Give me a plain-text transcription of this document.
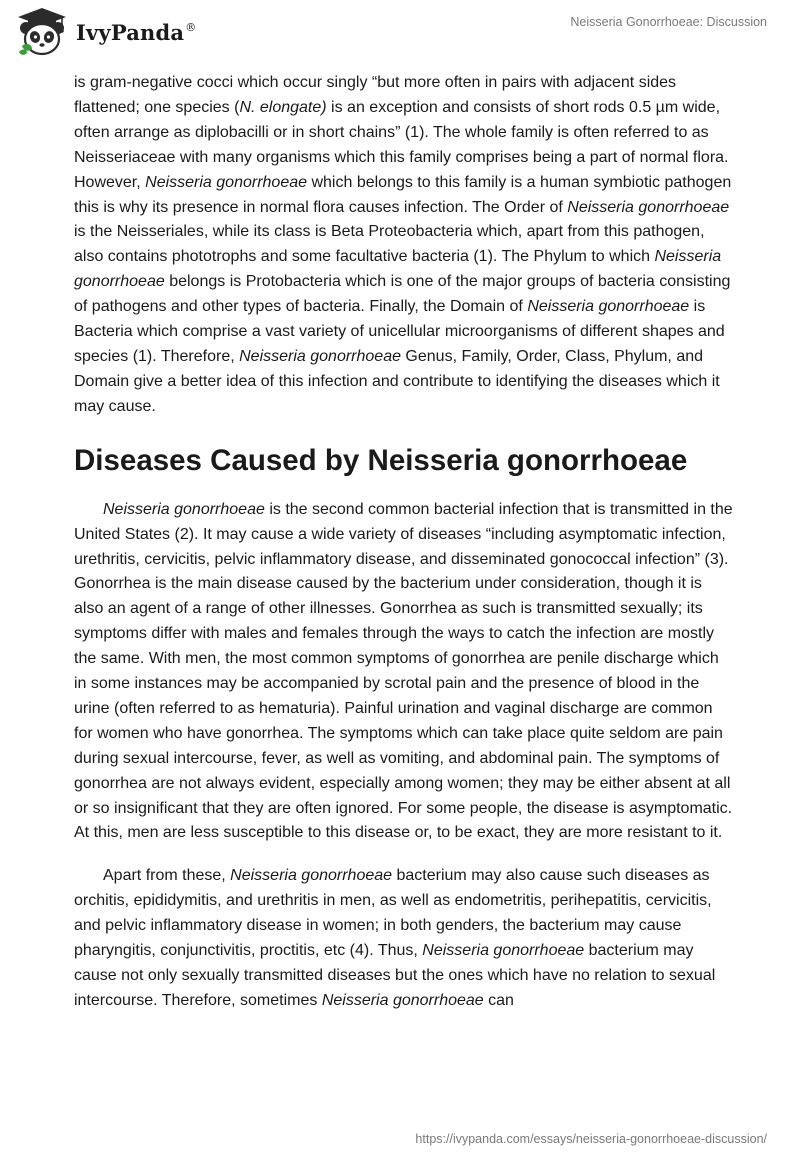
IvyPanda®	Neisseria Gonorrhoeae: Discussion

is gram-negative cocci which occur singly “but more often in pairs with adjacent sides flattened; one species (N. elongate) is an exception and consists of short rods 0.5 µm wide, often arrange as diplobacilli or in short chains” (1). The whole family is often referred to as Neisseriaceae with many organisms which this family comprises being a part of normal flora. However, Neisseria gonorrhoeae which belongs to this family is a human symbiotic pathogen this is why its presence in normal flora causes infection. The Order of Neisseria gonorrhoeae is the Neisseriales, while its class is Beta Proteobacteria which, apart from this pathogen, also contains phototrophs and some facultative bacteria (1). The Phylum to which Neisseria gonorrhoeae belongs is Protobacteria which is one of the major groups of bacteria consisting of pathogens and other types of bacteria. Finally, the Domain of Neisseria gonorrhoeae is Bacteria which comprise a vast variety of unicellular microorganisms of different shapes and species (1). Therefore, Neisseria gonorrhoeae Genus, Family, Order, Class, Phylum, and Domain give a better idea of this infection and contribute to identifying the diseases which it may cause.

Diseases Caused by Neisseria gonorrhoeae

Neisseria gonorrhoeae is the second common bacterial infection that is transmitted in the United States (2). It may cause a wide variety of diseases “including asymptomatic infection, urethritis, cervicitis, pelvic inflammatory disease, and disseminated gonococcal infection” (3). Gonorrhea is the main disease caused by the bacterium under consideration, though it is also an agent of a range of other illnesses. Gonorrhea as such is transmitted sexually; its symptoms differ with males and females through the ways to catch the infection are mostly the same. With men, the most common symptoms of gonorrhea are penile discharge which in some instances may be accompanied by scrotal pain and the presence of blood in the urine (often referred to as hematuria). Painful urination and vaginal discharge are common for women who have gonorrhea. The symptoms which can take place quite seldom are pain during sexual intercourse, fever, as well as vomiting, and abdominal pain. The symptoms of gonorrhea are not always evident, especially among women; they may be either absent at all or so insignificant that they are often ignored. For some people, the disease is asymptomatic. At this, men are less susceptible to this disease or, to be exact, they are more resistant to it.

Apart from these, Neisseria gonorrhoeae bacterium may also cause such diseases as orchitis, epididymitis, and urethritis in men, as well as endometritis, perihepatitis, cervicitis, and pelvic inflammatory disease in women; in both genders, the bacterium may cause pharyngitis, conjunctivitis, proctitis, etc (4). Thus, Neisseria gonorrhoeae bacterium may cause not only sexually transmitted diseases but the ones which have no relation to sexual intercourse. Therefore, sometimes Neisseria gonorrhoeae can

https://ivypanda.com/essays/neisseria-gonorrhoeae-discussion/
